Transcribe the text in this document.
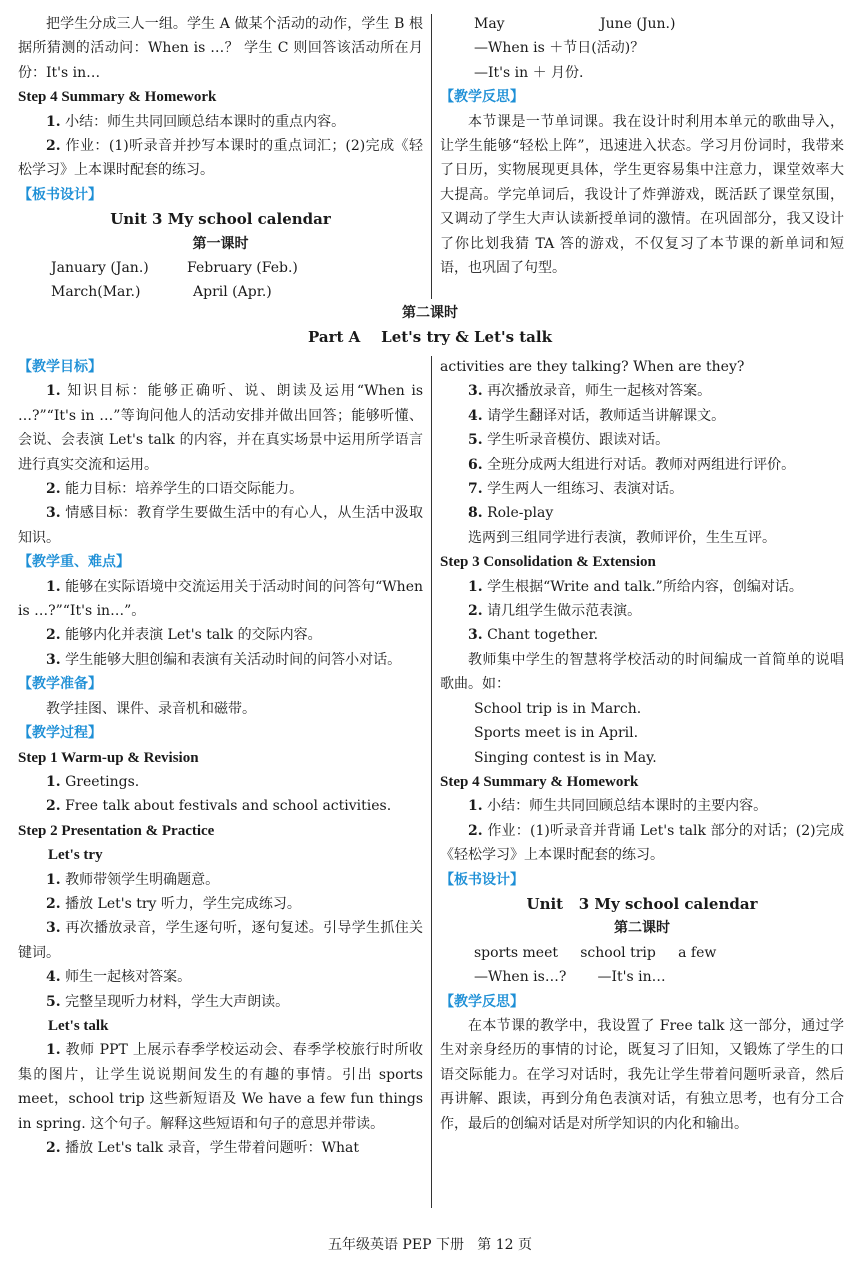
把学生分成三人一组。学生 A 做某个活动的动作，学生 B 根据所猜测的活动问：When is …？ 学生 C 则回答该活动所在月份：It's in…

Step 4 Summary & Homework

1. 小结：师生共同回顾总结本课时的重点内容。

2. 作业：(1)听录音并抄写本课时的重点词汇；(2)完成《轻松学习》上本课时配套的练习。

【板书设计】

Unit 3 My school calendar

第一课时

January (Jan.)	February (Feb.)

March(Mar.)	April (Apr.)

May	June (Jun.)

—When is ＋节日(活动)？

—It's in ＋ 月份.

【教学反思】

本节课是一节单词课。我在设计时利用本单元的歌曲导入，让学生能够“轻松上阵”，迅速进入状态。学习月份词时，我带来了日历，实物展现更具体，学生更容易集中注意力，课堂效率大大提高。学完单词后，我设计了炸弹游戏，既活跃了课堂氛围，又调动了学生大声认读新授单词的激情。在巩固部分，我又设计了你比划我猜 TA 答的游戏，不仅复习了本节课的新单词和短语，也巩固了句型。

第二课时

Part A    Let's try & Let's talk

【教学目标】

1. 知识目标：能够正确听、说、朗读及运用“When is …?”“It's in …”等询问他人的活动安排并做出回答；能够听懂、会说、会表演 Let's talk 的内容，并在真实场景中运用所学语言进行真实交流和运用。

2. 能力目标：培养学生的口语交际能力。

3. 情感目标：教育学生要做生活中的有心人，从生活中汲取知识。

【教学重、难点】

1. 能够在实际语境中交流运用关于活动时间的问答句“When is …?”“It's in…”。

2. 能够内化并表演 Let's talk 的交际内容。

3. 学生能够大胆创编和表演有关活动时间的问答小对话。

【教学准备】

教学挂图、课件、录音机和磁带。

【教学过程】

Step 1 Warm-up & Revision

1. Greetings.

2. Free talk about festivals and school activities.

Step 2 Presentation & Practice

Let's try

1. 教师带领学生明确题意。

2. 播放 Let's try 听力，学生完成练习。

3. 再次播放录音，学生逐句听，逐句复述。引导学生抓住关键词。

4. 师生一起核对答案。

5. 完整呈现听力材料，学生大声朗读。

Let's talk

1. 教师 PPT 上展示春季学校运动会、春季学校旅行时所收集的图片，让学生说说期间发生的有趣的事情。引出 sports meet，school trip 这些新短语及 We have a few fun things in spring. 这个句子。解释这些短语和句子的意思并带读。

2. 播放 Let's talk 录音，学生带着问题听：What

activities are they talking? When are they?

3. 再次播放录音，师生一起核对答案。

4. 请学生翻译对话，教师适当讲解课文。

5. 学生听录音模仿、跟读对话。

6. 全班分成两大组进行对话。教师对两组进行评价。

7. 学生两人一组练习、表演对话。

8. Role-play

选两到三组同学进行表演，教师评价，生生互评。

Step 3 Consolidation & Extension

1. 学生根据“Write and talk.”所给内容，创编对话。

2. 请几组学生做示范表演。

3. Chant together.

教师集中学生的智慧将学校活动的时间编成一首简单的说唱歌曲。如：

School trip is in March.

Sports meet is in April.

Singing contest is in May.

Step 4 Summary & Homework

1. 小结：师生共同回顾总结本课时的主要内容。

2. 作业：(1)听录音并背诵 Let's talk 部分的对话；(2)完成《轻松学习》上本课时配套的练习。

【板书设计】

Unit   3 My school calendar

第二课时

sports meet     school trip     a few

—When is…?       —It's in…

【教学反思】

在本节课的教学中，我设置了 Free talk 这一部分，通过学生对亲身经历的事情的讨论，既复习了旧知，又锻炼了学生的口语交际能力。在学习对话时，我先让学生带着问题听录音，然后再讲解、跟读，再到分角色表演对话，有独立思考，也有分工合作，最后的创编对话是对所学知识的内化和输出。

五年级英语 PEP 下册   第 12 页
